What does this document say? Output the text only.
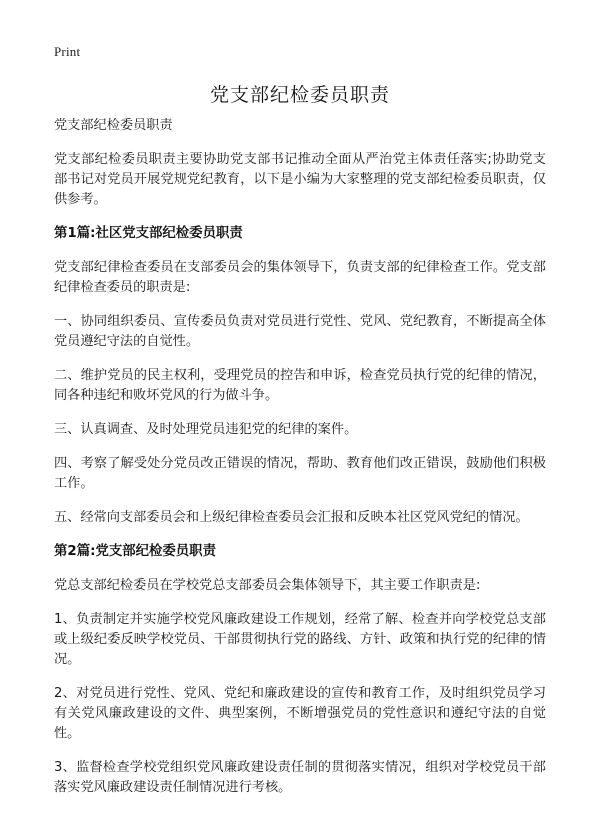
Print
党支部纪检委员职责

党支部纪检委员职责

党支部纪检委员职责主要协助党支部书记推动全面从严治党主体责任落实;协助党支部书记对党员开展党规党纪教育，以下是小编为大家整理的党支部纪检委员职责，仅供参考。

第1篇:社区党支部纪检委员职责

党支部纪律检查委员在支部委员会的集体领导下，负责支部的纪律检查工作。党支部纪律检查委员的职责是:

一、协同组织委员、宣传委员负责对党员进行党性、党风、党纪教育，不断提高全体党员遵纪守法的自觉性。

二、维护党员的民主权利，受理党员的控告和申诉，检查党员执行党的纪律的情况，同各种违纪和败坏党风的行为做斗争。

三、认真调查、及时处理党员违犯党的纪律的案件。

四、考察了解受处分党员改正错误的情况，帮助、教育他们改正错误，鼓励他们积极工作。

五、经常向支部委员会和上级纪律检查委员会汇报和反映本社区党风党纪的情况。

第2篇:党支部纪检委员职责

党总支部纪检委员在学校党总支部委员会集体领导下，其主要工作职责是:

1、负责制定并实施学校党风廉政建设工作规划，经常了解、检查并向学校党总支部或上级纪委反映学校党员、干部贯彻执行党的路线、方针、政策和执行党的纪律的情况。

2、对党员进行党性、党风、党纪和廉政建设的宣传和教育工作，及时组织党员学习有关党风廉政建设的文件、典型案例，不断增强党员的党性意识和遵纪守法的自觉性。

3、监督检查学校党组织党风廉政建设责任制的贯彻落实情况，组织对学校党员干部落实党风廉政建设责任制情况进行考核。
